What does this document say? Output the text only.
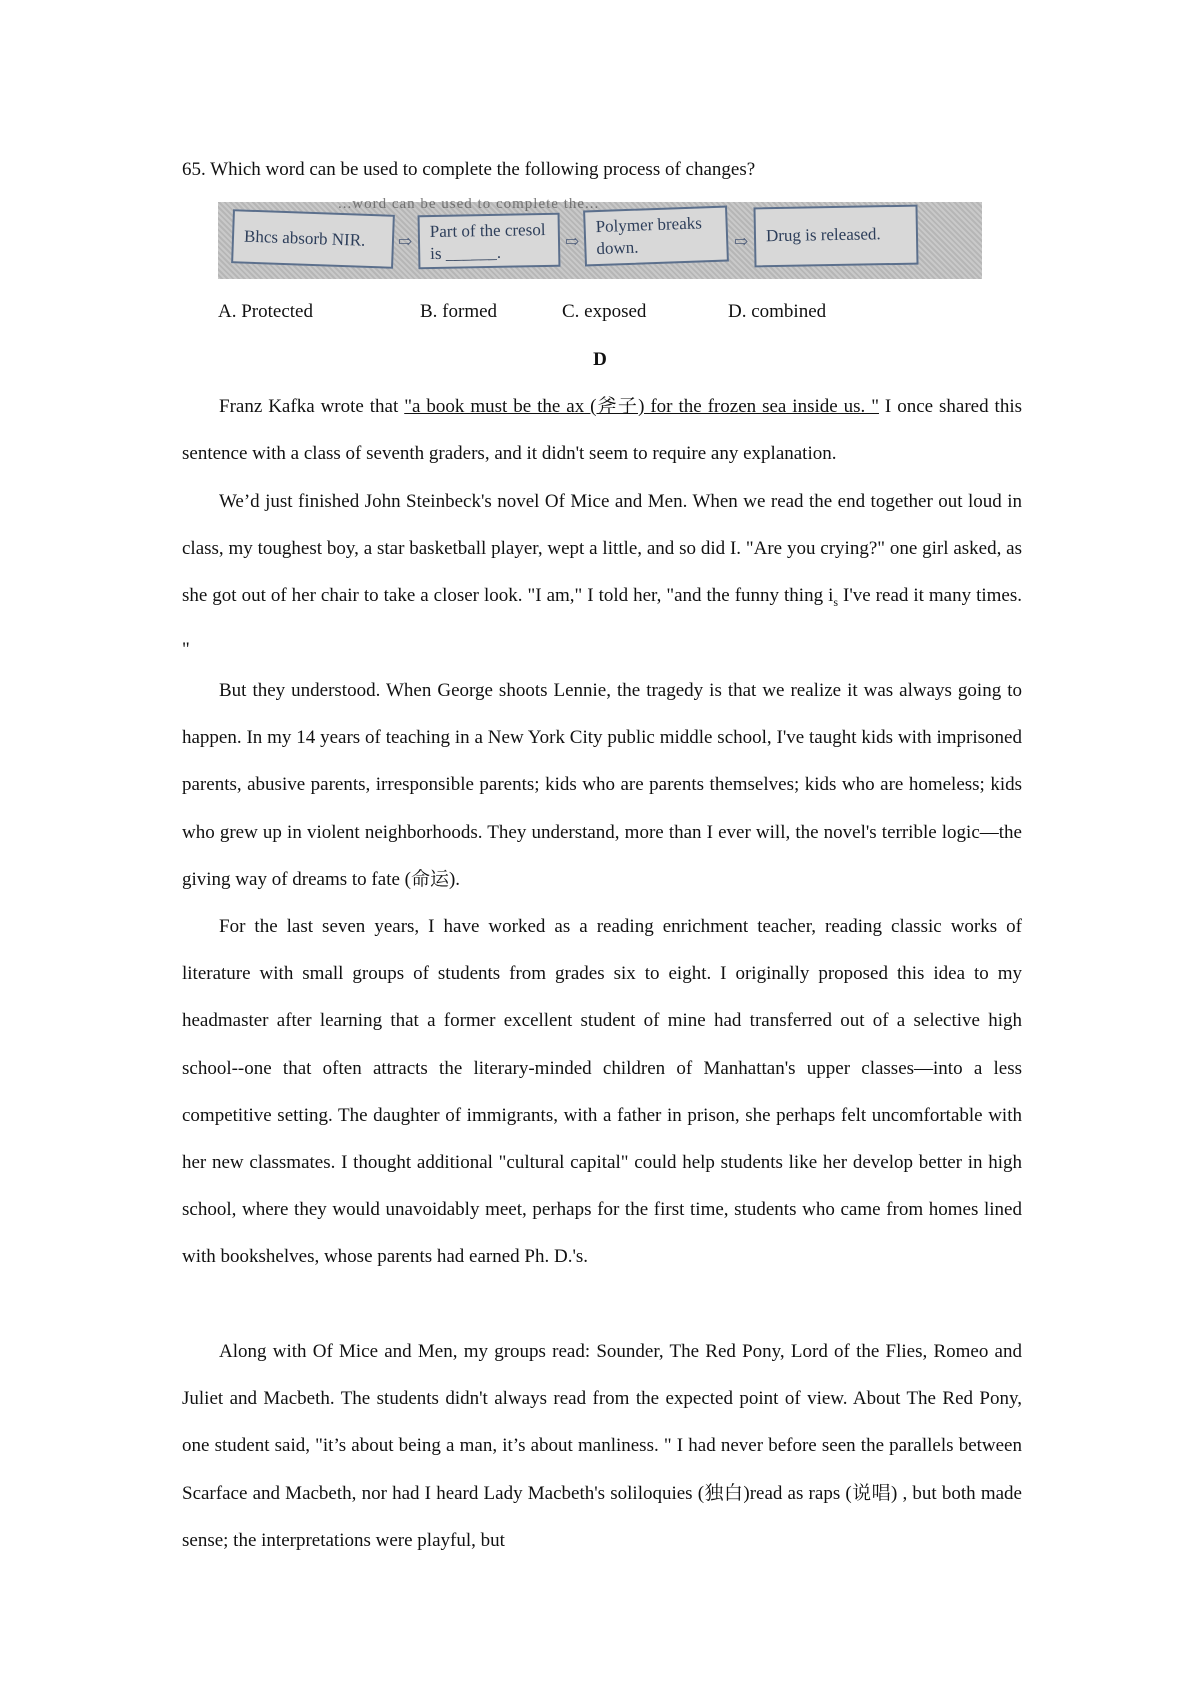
65. Which word can be used to complete the following process of changes?
...word can be used to complete the...
Bhcs absorb NIR.	⇨
Part of the cresol is ______.
⇨
Polymer breaks down.	⇨	Drug is released.
A. Protected	B. formed	C. exposed	D. combined
D

Franz Kafka wrote that "a book must be the ax (斧子) for the frozen sea inside us. " I once shared this sentence with a class of seventh graders, and it didn't seem to require any explanation.

We’d just finished John Steinbeck's novel Of Mice and Men. When we read the end together out loud in class, my toughest boy, a star basketball player, wept a little, and so did I. "Are you crying?" one girl asked, as she got out of her chair to take a closer look. "I am," I told her, "and the funny thing $i_s$ I've read it many times. "

But they understood. When George shoots Lennie, the tragedy is that we realize it was always going to happen. In my 14 years of teaching in a New York City public middle school, I've taught kids with imprisoned parents, abusive parents, irresponsible parents; kids who are parents themselves; kids who are homeless; kids who grew up in violent neighborhoods. They understand, more than I ever will, the novel's terrible logic—the giving way of dreams to fate (命运).

For the last seven years, I have worked as a reading enrichment teacher, reading classic works of literature with small groups of students from grades six to eight. I originally proposed this idea to my headmaster after learning that a former excellent student of mine had transferred out of a selective high school--one that often attracts the literary-minded children of Manhattan's upper classes—into a less competitive setting. The daughter of immigrants, with a father in prison, she perhaps felt uncomfortable with her new classmates. I thought additional "cultural capital" could help students like her develop better in high school, where they would unavoidably meet, perhaps for the first time, students who came from homes lined with bookshelves, whose parents had earned Ph. D.'s.

Along with Of Mice and Men, my groups read: Sounder, The Red Pony, Lord of the Flies, Romeo and Juliet and Macbeth. The students didn't always read from the expected point of view. About The Red Pony, one student said, "it’s about being a man, it’s about manliness. " I had never before seen the parallels between Scarface and Macbeth, nor had I heard Lady Macbeth's soliloquies (独白)read as raps (说唱) , but both made sense; the interpretations were playful, but
